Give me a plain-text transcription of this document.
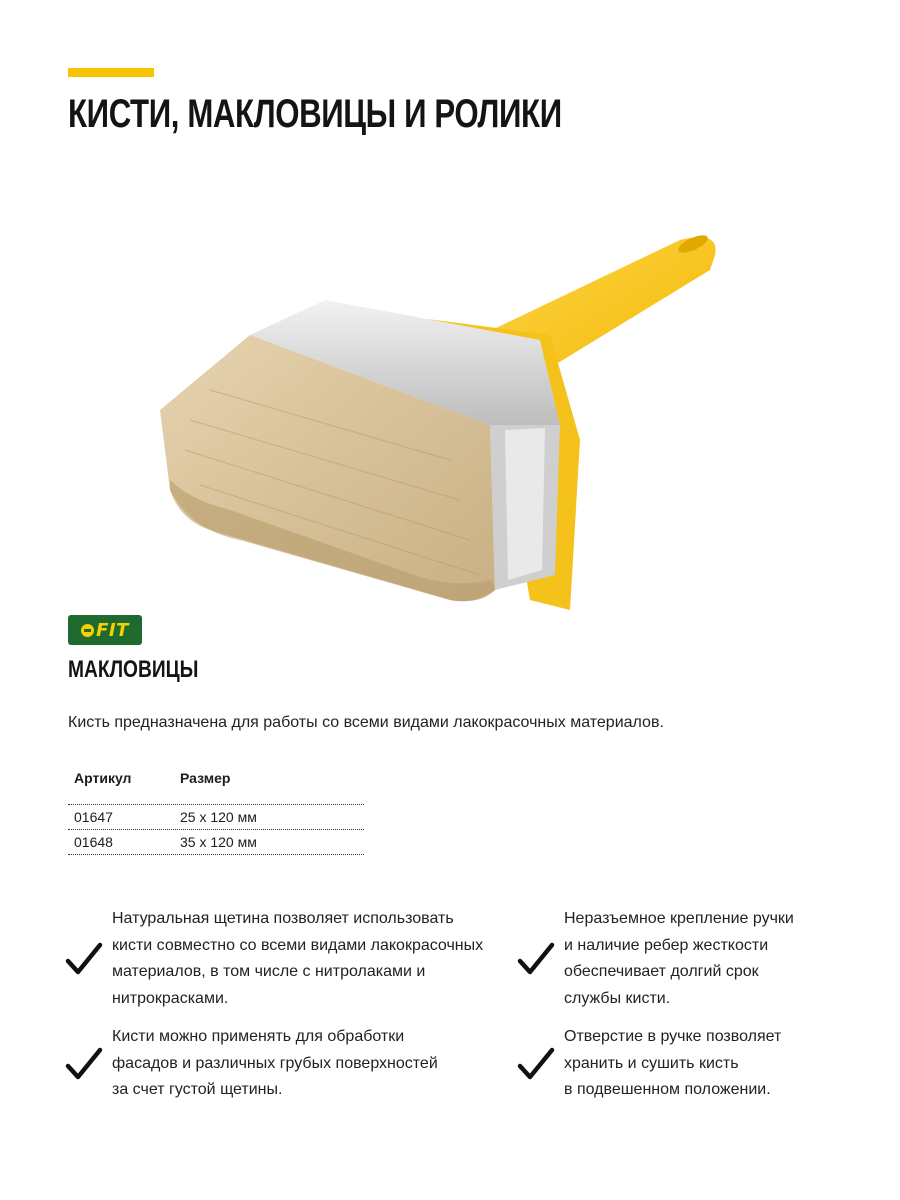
КИСТИ, МАКЛОВИЦЫ И РОЛИКИ
FIT
МАКЛОВИЦЫ

Кисть предназначена для работы со всеми видами лакокрасочных материалов.

Артикул	Размер
01647	25 х 120 мм
01648	35 х 120 мм
Натуральная щетина позволяет использовать
кисти совместно со всеми видами лакокрасочных
материалов, в том числе с нитролаками и
нитрокрасками.
Неразъемное крепление ручки
и наличие ребер жесткости
обеспечивает долгий срок
службы кисти.
Кисти можно применять для обработки
фасадов и различных грубых поверхностей
за счет густой щетины.
Отверстие в ручке позволяет
хранить и сушить кисть
в подвешенном положении.
